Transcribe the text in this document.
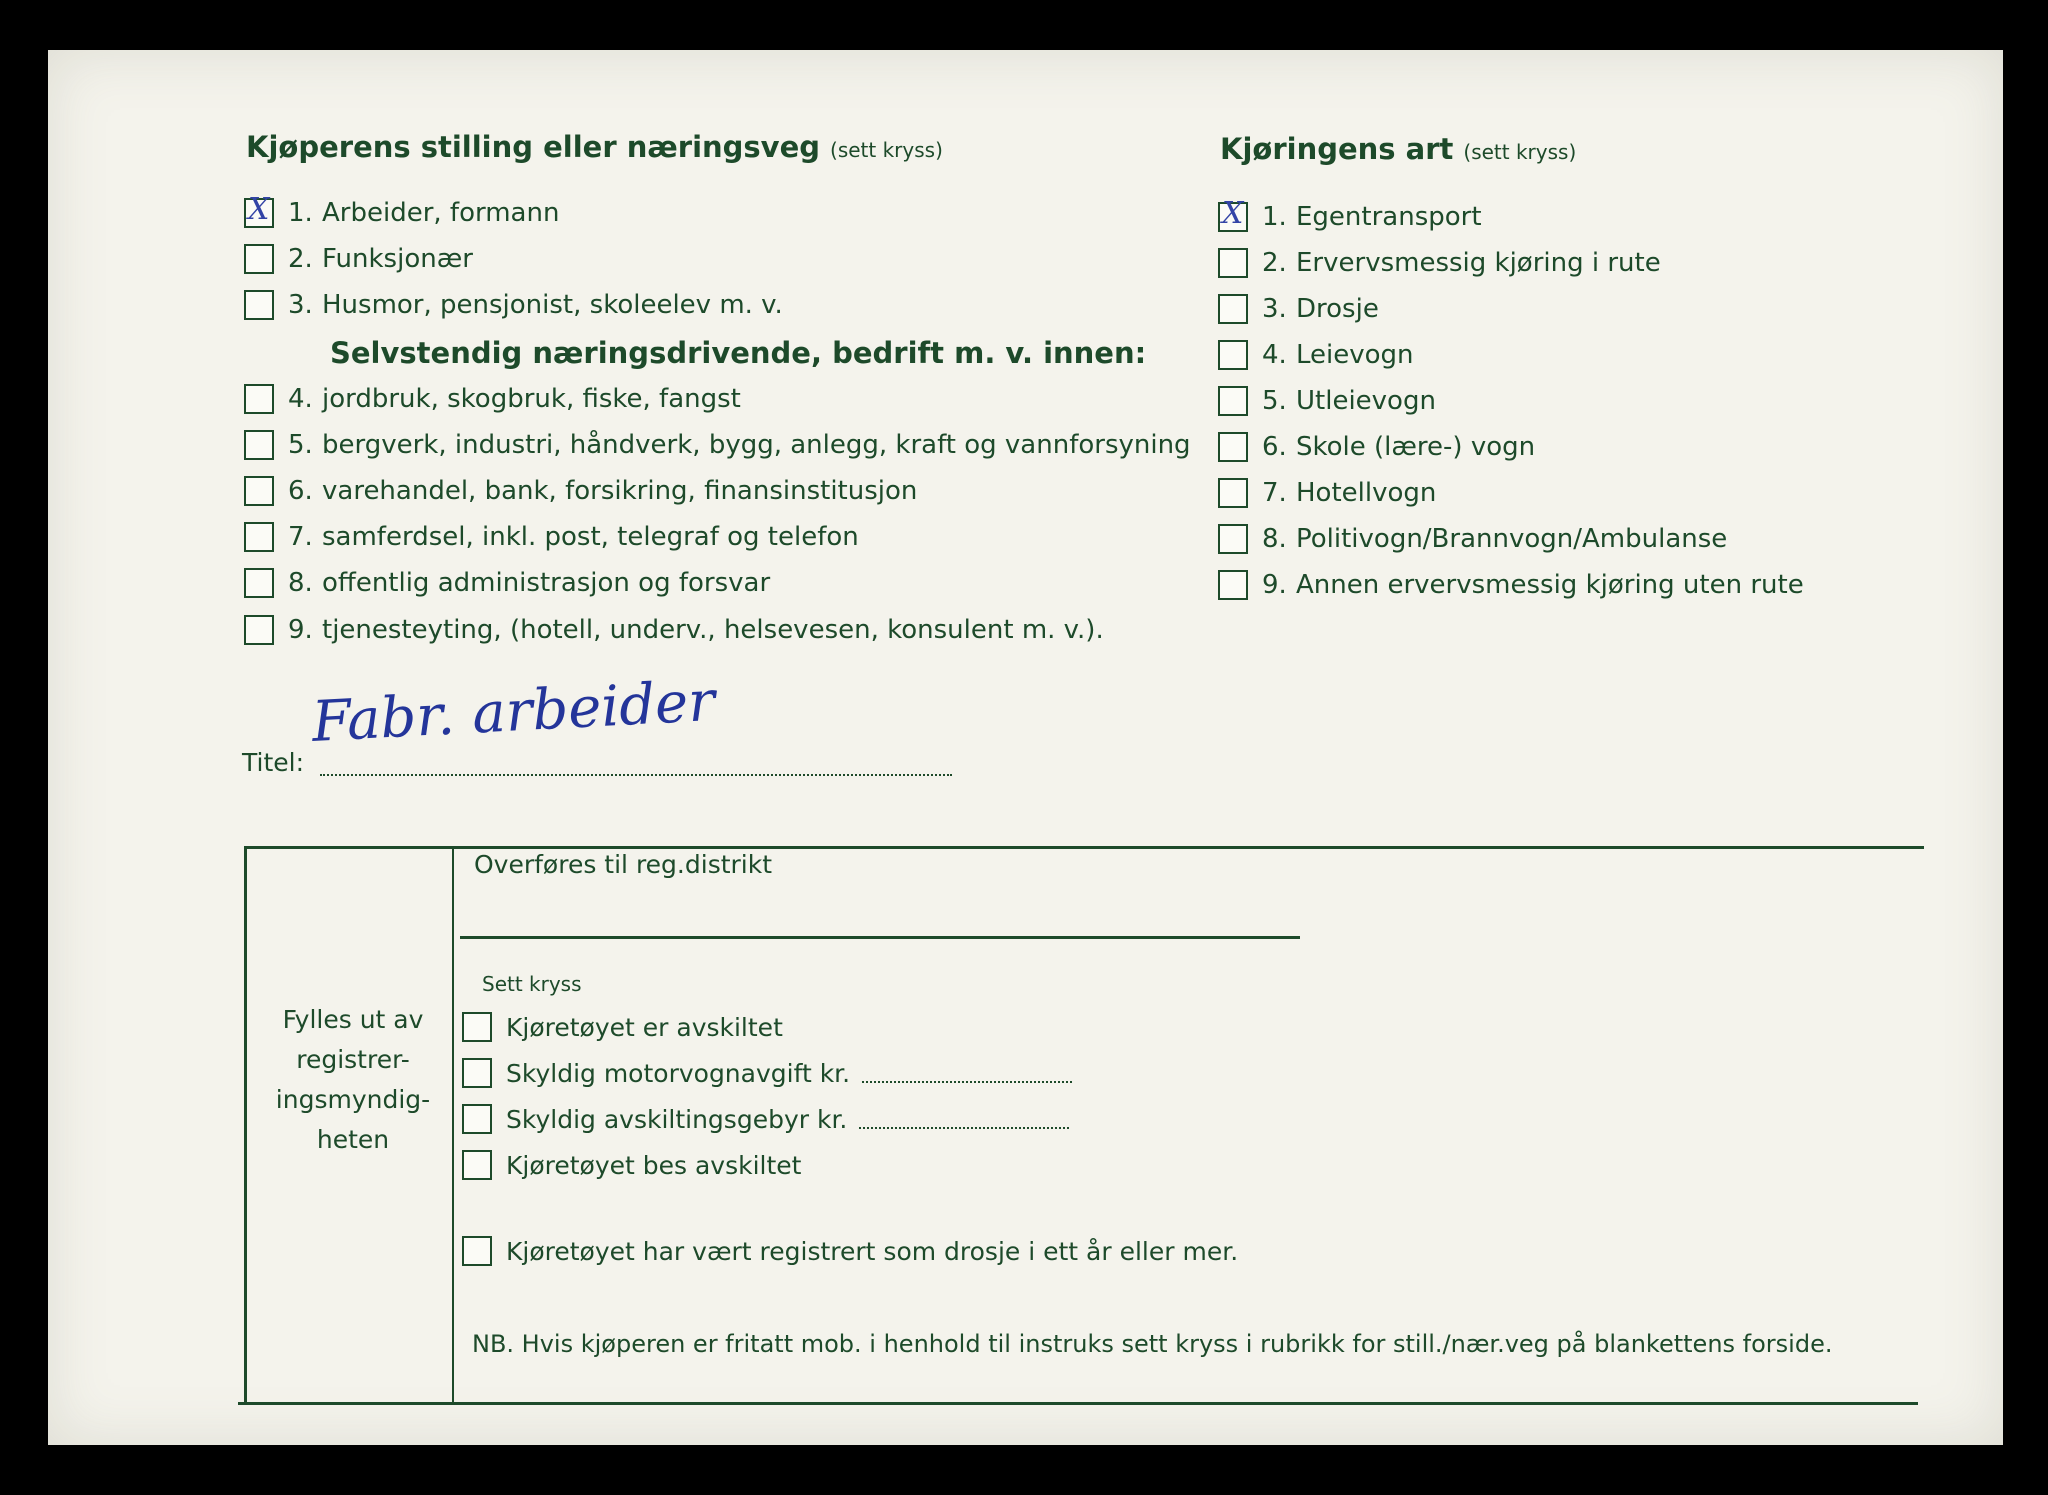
Kjøperens stilling eller næringsveg (sett kryss)
X 1. Arbeider, formann
2. Funksjonær
3. Husmor, pensjonist, skoleelev m. v.
Selvstendig næringsdrivende, bedrift m. v. innen:
4. jordbruk, skogbruk, fiske, fangst
5. bergverk, industri, håndverk, bygg, anlegg, kraft og vannforsyning
6. varehandel, bank, forsikring, finansinstitusjon
7. samferdsel, inkl. post, telegraf og telefon
8. offentlig administrasjon og forsvar
9. tjenesteyting, (hotell, underv., helsevesen, konsulent m. v.).
Kjøringens art (sett kryss)
X 1. Egentransport
2. Ervervsmessig kjøring i rute
3. Drosje
4. Leievogn
5. Utleievogn
6. Skole (lære-) vogn
7. Hotellvogn
8. Politivogn/Brannvogn/Ambulanse
9. Annen ervervsmessig kjøring uten rute
Titel:
Fabr. arbeider
Fylles ut av registrer- ingsmyndig- heten
Overføres til reg.distrikt
Sett kryss
Kjøretøyet er avskiltet
Skyldig motorvognavgift kr.
Skyldig avskiltingsgebyr kr.
Kjøretøyet bes avskiltet
Kjøretøyet har vært registrert som drosje i ett år eller mer.
NB. Hvis kjøperen er fritatt mob. i henhold til instruks sett kryss i rubrikk for still./nær.veg på blankettens forside.
